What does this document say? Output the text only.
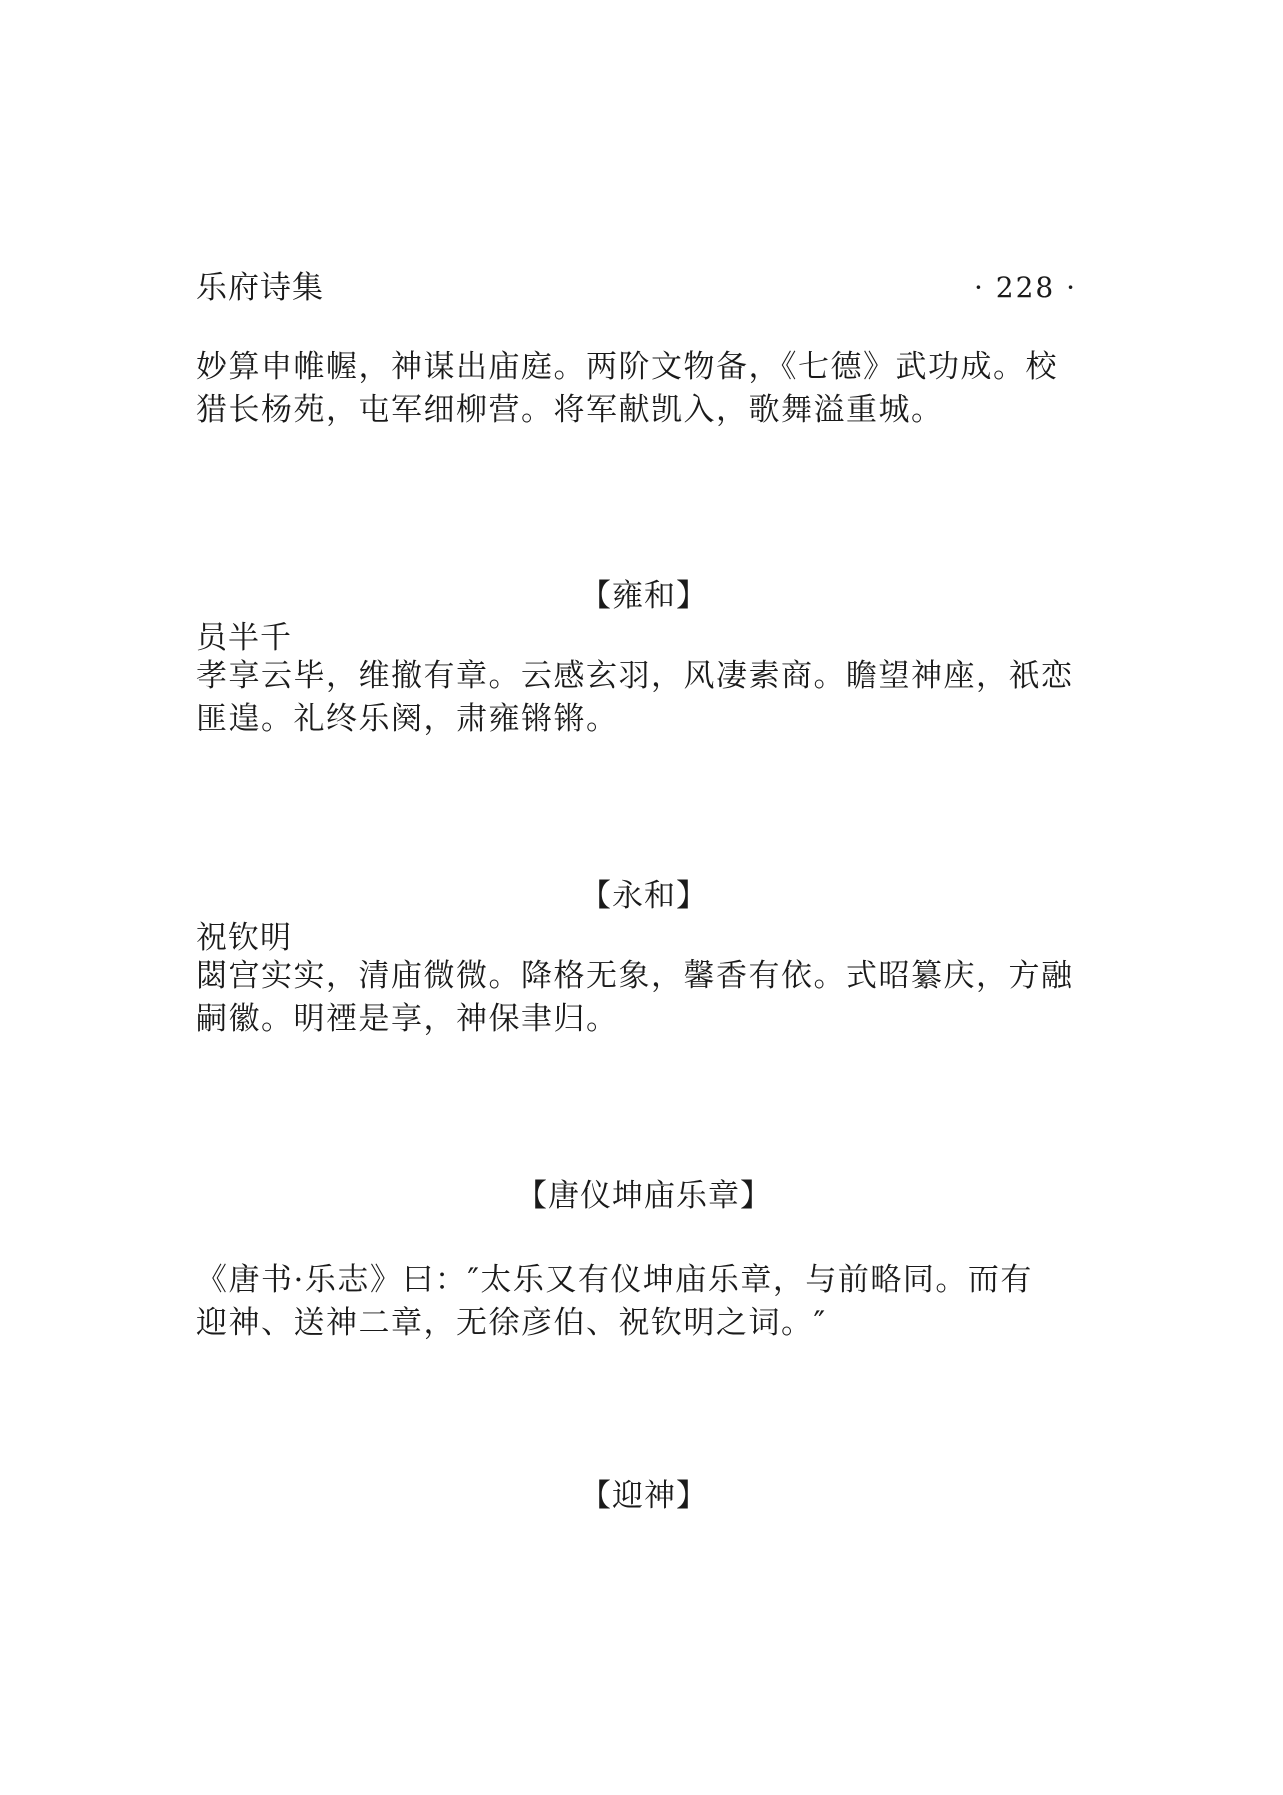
乐府诗集	· 228 ·

妙算申帷幄，神谋出庙庭。两阶文物备，《七德》武功成。校
猎长杨苑，屯军细柳营。将军献凯入，歌舞溢重城。

【雍和】
员半千

孝享云毕，维撤有章。云感玄羽，风凄素商。瞻望神座，祇恋
匪遑。礼终乐阕，肃雍锵锵。

【永和】
祝钦明

閟宫实实，清庙微微。降格无象，馨香有依。式昭纂庆，方融
嗣徽。明禋是享，神保聿归。

【唐仪坤庙乐章】

《唐书·乐志》曰：″太乐又有仪坤庙乐章，与前略同。而有
迎神、送神二章，无徐彦伯、祝钦明之词。″

【迎神】
